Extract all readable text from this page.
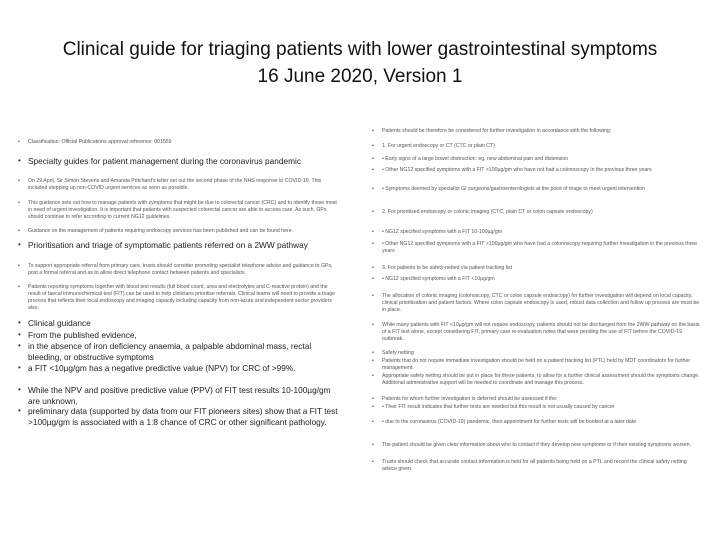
Clinical guide for triaging patients with lower gastrointestinal symptoms
16 June 2020, Version 1
•	Classification: Official Publications approval reference: 001559
• Specialty guides for patient management during the coronavirus pandemic
•	On 29 April, Sir Simon Stevens and Amanda Pritchard's letter set out the second phase of the NHS response to COVID-19. This included stepping up non-COVID urgent services as soon as possible.
•	This guidance sets out how to manage patients with symptoms that might be due to colorectal cancer (CRC) and to identify those most in need of urgent investigation. It is important that patients with suspected colorectal cancer are able to access care. As such, GPs should continue to refer according to current NG12 guidelines.
•	Guidance on the management of patients requiring endoscopy services has been published and can be found here.
• Prioritisation and triage of symptomatic patients referred on a 2WW pathway
•	To support appropriate referral from primary care, trusts should consider promoting specialist telephone advice and guidance to GPs, post a formal referral and as to allow direct telephone contact between patients and specialists.
•	Patients reporting symptoms together with blood test results (full blood count, urea and electrolytes and C-reactive protein) and the result of faecal immunochemical test (FIT) can be used to help clinicians prioritise referrals. Clinical teams will need to provide a triage process that reflects their local endoscopy and imaging capacity including capacity from non-acute and independent sector providers also.
• Clinical guidance
• From the published evidence,
• in the absence of iron deficiency anaemia, a palpable abdominal mass, rectal bleeding, or obstructive symptoms
• a FIT <10µg/gm has a negative predictive value (NPV) for CRC of >99%.
• While the NPV and positive predictive value (PPV) of FIT test results 10-100µg/gm are unknown,
• preliminary data (supported by data from our FIT pioneers sites) show that a FIT test >100µg/gm is associated with a 1:8 chance of CRC or other significant pathology.
•	Patients should be therefore be considered for further investigation in accordance with the following:
•	1. For urgent endoscopy or CT (CTC or plain CT)
•	• Early signs of a large bowel obstruction: eg, new abdominal pain and distension
•	• Other NG12 specified symptoms with a FIT >100µg/gm who have not had a colonoscopy in the previous three years
•	• Symptoms deemed by specialist GI surgeons/gastroenterologists at the point of triage to meet urgent intervention
•	2. For prioritised endoscopy or colonic imaging (CTC, plain CT or colon capsule endoscopy)
•	• NG12 specified symptoms with a FIT 10-100µg/gm
•	• Other NG12 specified symptoms with a FIT >100µg/gm who have had a colonoscopy requiring further investigation in the previous three years
•	3. For patients to be safety-netted via patient tracking list
•	• NG12 specified symptoms with a FIT <10µg/gm
•	The allocation of colonic imaging (colonoscopy, CTC or colon capsule endoscopy) for further investigation will depend on local capacity, clinical prioritisation and patient factors. Where colon capsule endoscopy is used, robust data collection and follow up process are must be in place.
•	While many patients with FIT <10µg/gm will not require endoscopy, patients should not be discharged from the 2WW pathway on the basis of a FIT test alone, except considering FIT, primary care re-evaluation notes that were pending the use of FIT before the COVID-19 outbreak.
•	Safety netting
•	Patients that do not require immediate investigation should be held on a patient tracking list (PTL) held by MDT coordinators for further management.
•	Appropriate safety netting should be put in place for these patients, to allow for a further clinical assessment should the symptoms change. Additional administrative support will be needed to coordinate and manage this process.
•	Patients for whom further investigation is deferred should be assessed if the:
•	• Their FIT result indicates that further tests are needed but this result is not usually caused by cancer
•	• due to the coronavirus (COVID-19) pandemic, their appointment for further tests will be booked at a later date
•	The patient should be given clear information about who to contact if they develop new symptoms or if their existing symptoms worsen.
•	Trusts should check that accurate contact information is held for all patients being held on a PTL and record the clinical safety netting advice given.
